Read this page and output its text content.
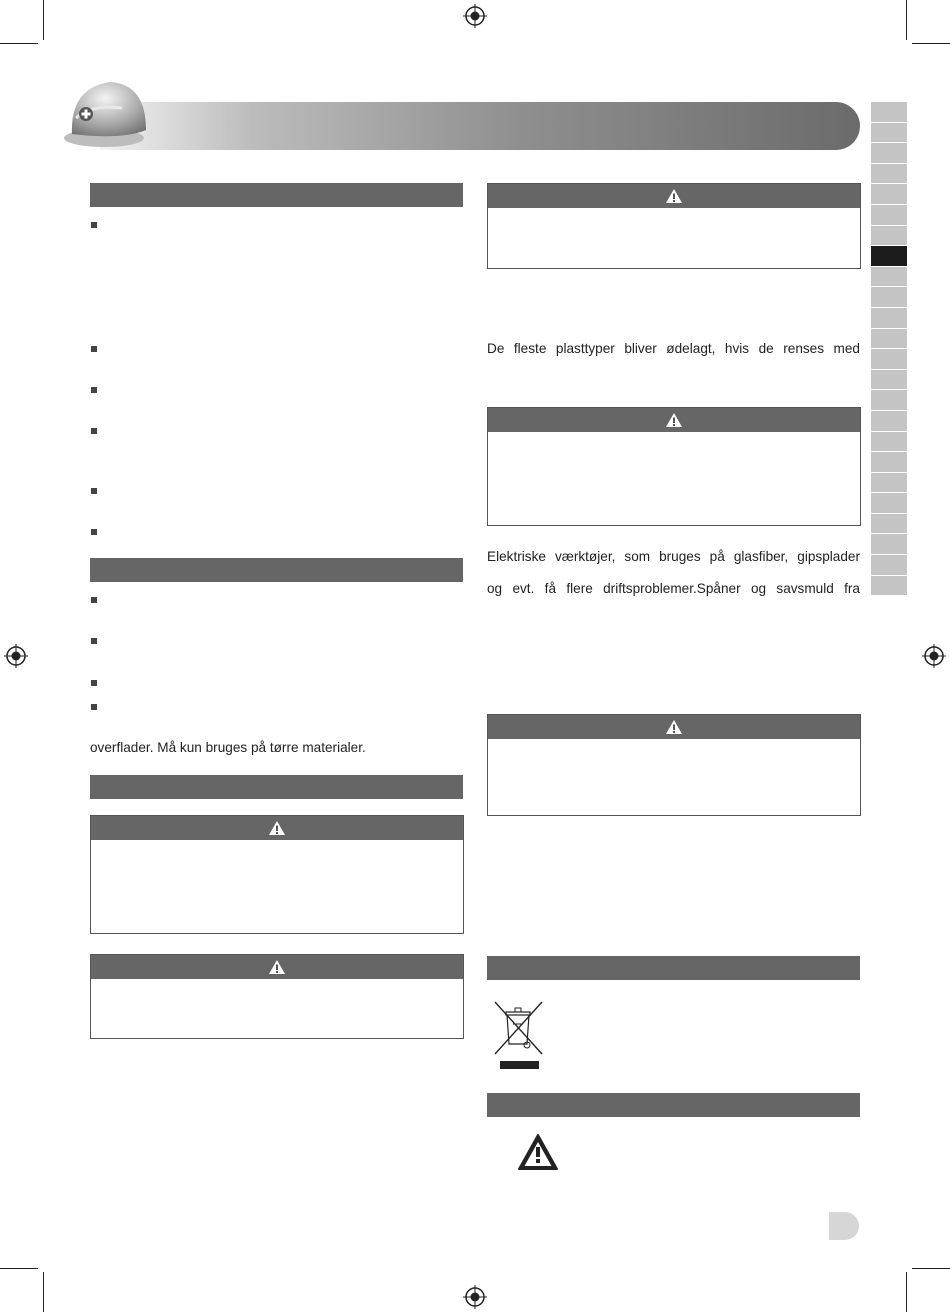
overflader. Må kun bruges på tørre materialer.
De fleste plasttyper bliver ødelagt, hvis de renses med
Elektriske værktøjer, som bruges på glasfiber, gipsplader
og evt. få flere driftsproblemer.Spåner og savsmuld fra
